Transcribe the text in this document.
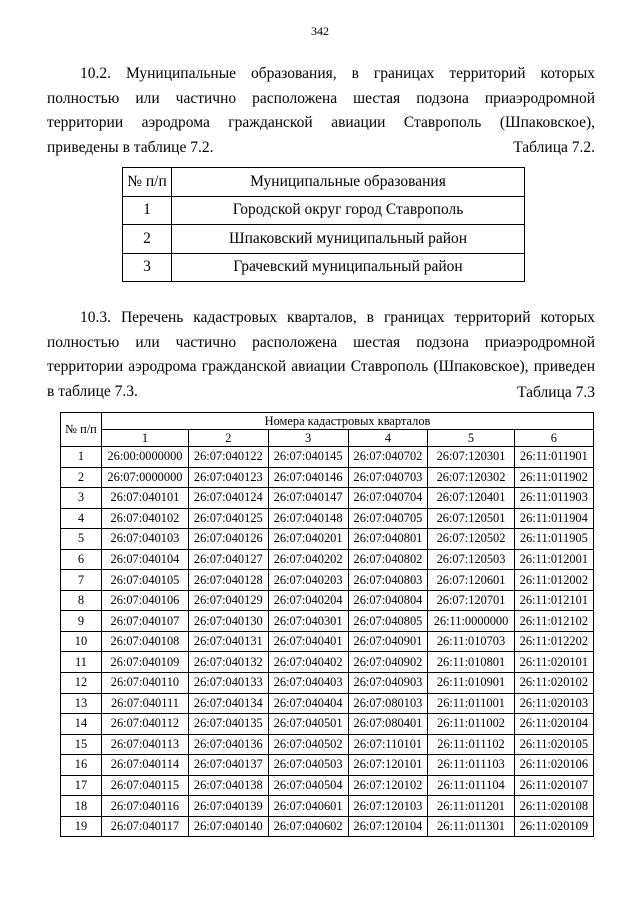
342

10.2. Муниципальные образования, в границах территорий которых полностью или частично расположена шестая подзона приаэродромной территории аэродрома гражданской авиации Ставрополь (Шпаковское), приведены в таблице 7.2.	Таблица 7.2.
№ п/п	Муниципальные образования
1	Городской округ город Ставрополь
2	Шпаковский муниципальный район
3	Грачевский муниципальный район

10.3. Перечень кадастровых кварталов, в границах территорий которых полностью или частично расположена шестая подзона приаэродромной территории аэродрома гражданской авиации Ставрополь (Шпаковское), приведен в таблице 7.3.	Таблица 7.3
№ п/п	Номера кадастровых кварталов					
	1	2	3	4	5	6
1	26:00:0000000	26:07:040122	26:07:040145	26:07:040702	26:07:120301	26:11:011901
2	26:07:0000000	26:07:040123	26:07:040146	26:07:040703	26:07:120302	26:11:011902
3	26:07:040101	26:07:040124	26:07:040147	26:07:040704	26:07:120401	26:11:011903
4	26:07:040102	26:07:040125	26:07:040148	26:07:040705	26:07:120501	26:11:011904
5	26:07:040103	26:07:040126	26:07:040201	26:07:040801	26:07:120502	26:11:011905
6	26:07:040104	26:07:040127	26:07:040202	26:07:040802	26:07:120503	26:11:012001
7	26:07:040105	26:07:040128	26:07:040203	26:07:040803	26:07:120601	26:11:012002
8	26:07:040106	26:07:040129	26:07:040204	26:07:040804	26:07:120701	26:11:012101
9	26:07:040107	26:07:040130	26:07:040301	26:07:040805	26:11:0000000	26:11:012102
10	26:07:040108	26:07:040131	26:07:040401	26:07:040901	26:11:010703	26:11:012202
11	26:07:040109	26:07:040132	26:07:040402	26:07:040902	26:11:010801	26:11:020101
12	26:07:040110	26:07:040133	26:07:040403	26:07:040903	26:11:010901	26:11:020102
13	26:07:040111	26:07:040134	26:07:040404	26:07:080103	26:11:011001	26:11:020103
14	26:07:040112	26:07:040135	26:07:040501	26:07:080401	26:11:011002	26:11:020104
15	26:07:040113	26:07:040136	26:07:040502	26:07:110101	26:11:011102	26:11:020105
16	26:07:040114	26:07:040137	26:07:040503	26:07:120101	26:11:011103	26:11:020106
17	26:07:040115	26:07:040138	26:07:040504	26:07:120102	26:11:011104	26:11:020107
18	26:07:040116	26:07:040139	26:07:040601	26:07:120103	26:11:011201	26:11:020108
19	26:07:040117	26:07:040140	26:07:040602	26:07:120104	26:11:011301	26:11:020109
